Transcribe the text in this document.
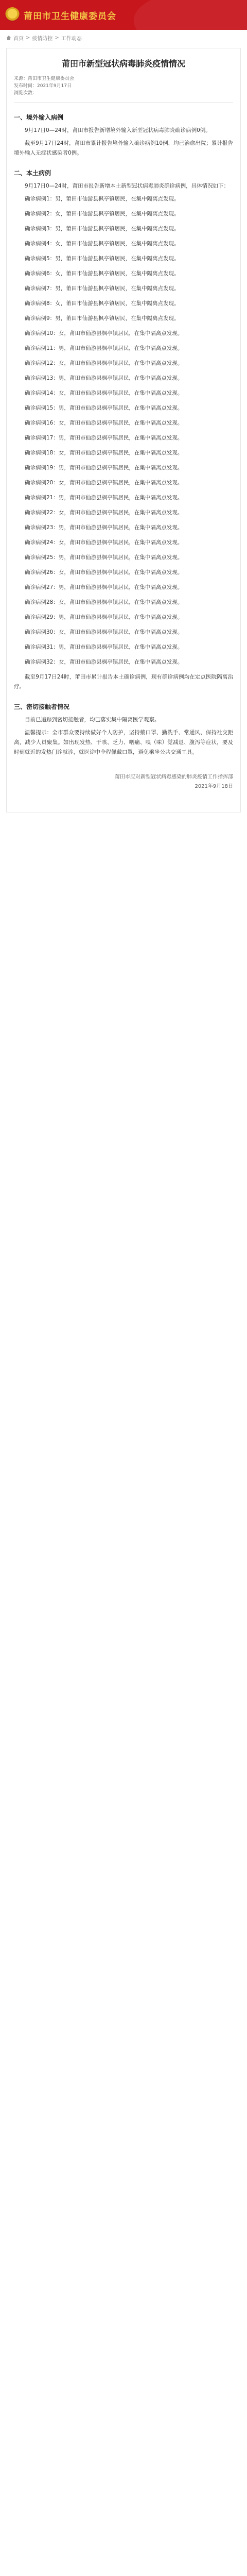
莆田市卫生健康委员会
首页 > 疫情防控 > 工作动态
莆田市新型冠状病毒肺炎疫情情况
来源：莆田市卫生健康委员会
发布时间：2021年9月17日
浏览次数：
一、境外输入病例

9月17日0—24时，莆田市报告新增境外输入新型冠状病毒肺炎确诊病例0例。

截至9月17日24时，莆田市累计报告境外输入确诊病例10例，均已治愈出院；累计报告境外输入无症状感染者0例。

二、本土病例

9月17日0—24时，莆田市报告新增本土新型冠状病毒肺炎确诊病例，具体情况如下：

确诊病例1：男，莆田市仙游县枫亭镇居民，在集中隔离点发现。

确诊病例2：女，莆田市仙游县枫亭镇居民，在集中隔离点发现。

确诊病例3：男，莆田市仙游县枫亭镇居民，在集中隔离点发现。

确诊病例4：女，莆田市仙游县枫亭镇居民，在集中隔离点发现。

确诊病例5：男，莆田市仙游县枫亭镇居民，在集中隔离点发现。

确诊病例6：女，莆田市仙游县枫亭镇居民，在集中隔离点发现。

确诊病例7：男，莆田市仙游县枫亭镇居民，在集中隔离点发现。

确诊病例8：女，莆田市仙游县枫亭镇居民，在集中隔离点发现。

确诊病例9：男，莆田市仙游县枫亭镇居民，在集中隔离点发现。

确诊病例10：女，莆田市仙游县枫亭镇居民，在集中隔离点发现。

确诊病例11：男，莆田市仙游县枫亭镇居民，在集中隔离点发现。

确诊病例12：女，莆田市仙游县枫亭镇居民，在集中隔离点发现。

确诊病例13：男，莆田市仙游县枫亭镇居民，在集中隔离点发现。

确诊病例14：女，莆田市仙游县枫亭镇居民，在集中隔离点发现。

确诊病例15：男，莆田市仙游县枫亭镇居民，在集中隔离点发现。

确诊病例16：女，莆田市仙游县枫亭镇居民，在集中隔离点发现。

确诊病例17：男，莆田市仙游县枫亭镇居民，在集中隔离点发现。

确诊病例18：女，莆田市仙游县枫亭镇居民，在集中隔离点发现。

确诊病例19：男，莆田市仙游县枫亭镇居民，在集中隔离点发现。

确诊病例20：女，莆田市仙游县枫亭镇居民，在集中隔离点发现。

确诊病例21：男，莆田市仙游县枫亭镇居民，在集中隔离点发现。

确诊病例22：女，莆田市仙游县枫亭镇居民，在集中隔离点发现。

确诊病例23：男，莆田市仙游县枫亭镇居民，在集中隔离点发现。

确诊病例24：女，莆田市仙游县枫亭镇居民，在集中隔离点发现。

确诊病例25：男，莆田市仙游县枫亭镇居民，在集中隔离点发现。

确诊病例26：女，莆田市仙游县枫亭镇居民，在集中隔离点发现。

确诊病例27：男，莆田市仙游县枫亭镇居民，在集中隔离点发现。

确诊病例28：女，莆田市仙游县枫亭镇居民，在集中隔离点发现。

确诊病例29：男，莆田市仙游县枫亭镇居民，在集中隔离点发现。

确诊病例30：女，莆田市仙游县枫亭镇居民，在集中隔离点发现。

确诊病例31：男，莆田市仙游县枫亭镇居民，在集中隔离点发现。

确诊病例32：女，莆田市仙游县枫亭镇居民，在集中隔离点发现。

截至9月17日24时，莆田市累计报告本土确诊病例，现有确诊病例均在定点医院隔离治疗。

三、密切接触者情况

目前已追踪到密切接触者，均已落实集中隔离医学观察。

温馨提示：全市群众要持续做好个人防护，坚持戴口罩、勤洗手、常通风、保持社交距离，减少人员聚集。如出现发热、干咳、乏力、咽痛、嗅（味）觉减退、腹泻等症状，要及时到就近的发热门诊就诊，就医途中全程佩戴口罩，避免乘坐公共交通工具。

莆田市应对新型冠状病毒感染的肺炎疫情工作指挥部
2021年9月18日
